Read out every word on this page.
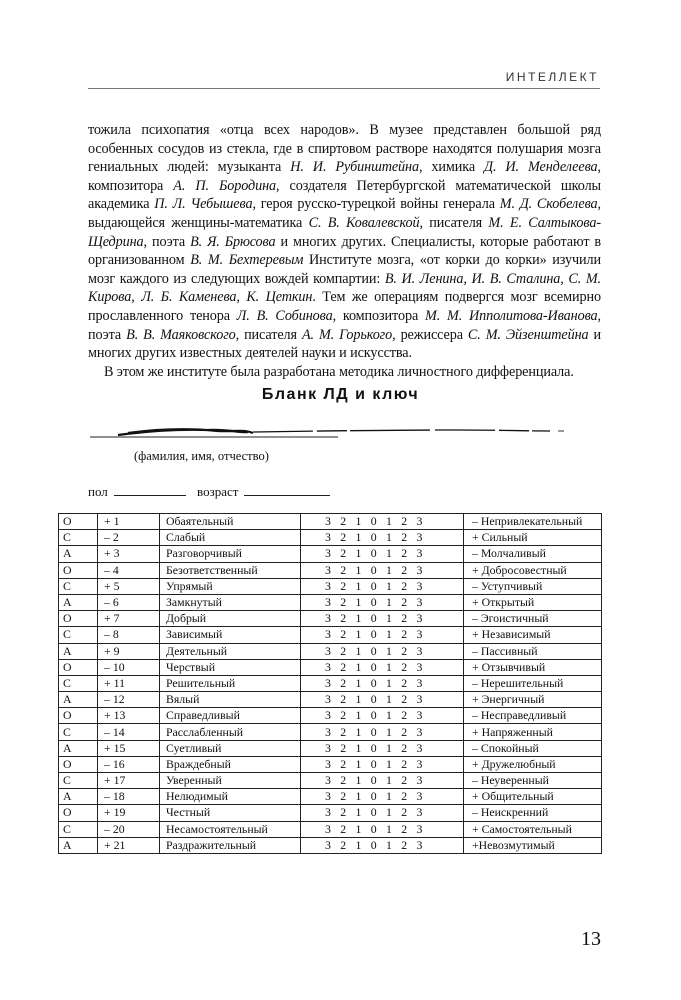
ИНТЕЛЛЕКТ

тожила психопатия «отца всех народов». В музее представлен большой ряд особенных сосудов из стекла, где в спиртовом растворе находятся полушария мозга гениальных людей: музыканта Н. И. Рубинштейна, химика Д. И. Менделеева, композитора А. П. Бородина, создателя Петербургской математической школы академика П. Л. Чебышева, героя русско-турецкой войны генерала М. Д. Скобелева, выдающейся женщины-математика С. В. Ковалевской, писателя М. Е. Салтыкова-Щедрина, поэта В. Я. Брюсова и многих других. Специалисты, которые работают в организованном В. М. Бехтеревым Институте мозга, «от корки до корки» изучили мозг каждого из следующих вождей компартии: В. И. Ленина, И. В. Сталина, С. М. Кирова, Л. Б. Каменева, К. Цеткин. Тем же операциям подвергся мозг всемирно прославленного тенора Л. В. Собинова, композитора М. М. Ипполитова-Иванова, поэта В. В. Маяковского, писателя А. М. Горького, режиссера С. М. Эйзенштейна и многих других известных деятелей науки и искусства.

В этом же институте была разработана методика личностного дифференциала.

Бланк ЛД и ключ
(фамилия, имя, отчество)
пол	возраст
О	+ 1	Обаятельный	3 2 1 0 1 2 3	– Непривлекательный
С	– 2	Слабый	3 2 1 0 1 2 3	+ Сильный
А	+ 3	Разговорчивый	3 2 1 0 1 2 3	– Молчаливый
О	– 4	Безответственный	3 2 1 0 1 2 3	+ Добросовестный
С	+ 5	Упрямый	3 2 1 0 1 2 3	– Уступчивый
А	– 6	Замкнутый	3 2 1 0 1 2 3	+ Открытый
О	+ 7	Добрый	3 2 1 0 1 2 3	– Эгоистичный
С	– 8	Зависимый	3 2 1 0 1 2 3	+ Независимый
А	+ 9	Деятельный	3 2 1 0 1 2 3	– Пассивный
О	– 10	Черствый	3 2 1 0 1 2 3	+ Отзывчивый
С	+ 11	Решительный	3 2 1 0 1 2 3	– Нерешительный
А	– 12	Вялый	3 2 1 0 1 2 3	+ Энергичный
О	+ 13	Справедливый	3 2 1 0 1 2 3	– Несправедливый
С	– 14	Расслабленный	3 2 1 0 1 2 3	+ Напряженный
А	+ 15	Суетливый	3 2 1 0 1 2 3	– Спокойный
О	– 16	Враждебный	3 2 1 0 1 2 3	+ Дружелюбный
С	+ 17	Уверенный	3 2 1 0 1 2 3	– Неуверенный
А	– 18	Нелюдимый	3 2 1 0 1 2 3	+ Общительный
О	+ 19	Честный	3 2 1 0 1 2 3	– Неискренний
С	– 20	Несамостоятельный	3 2 1 0 1 2 3	+ Самостоятельный
А	+ 21	Раздражительный	3 2 1 0 1 2 3	+Невозмутимый
13
